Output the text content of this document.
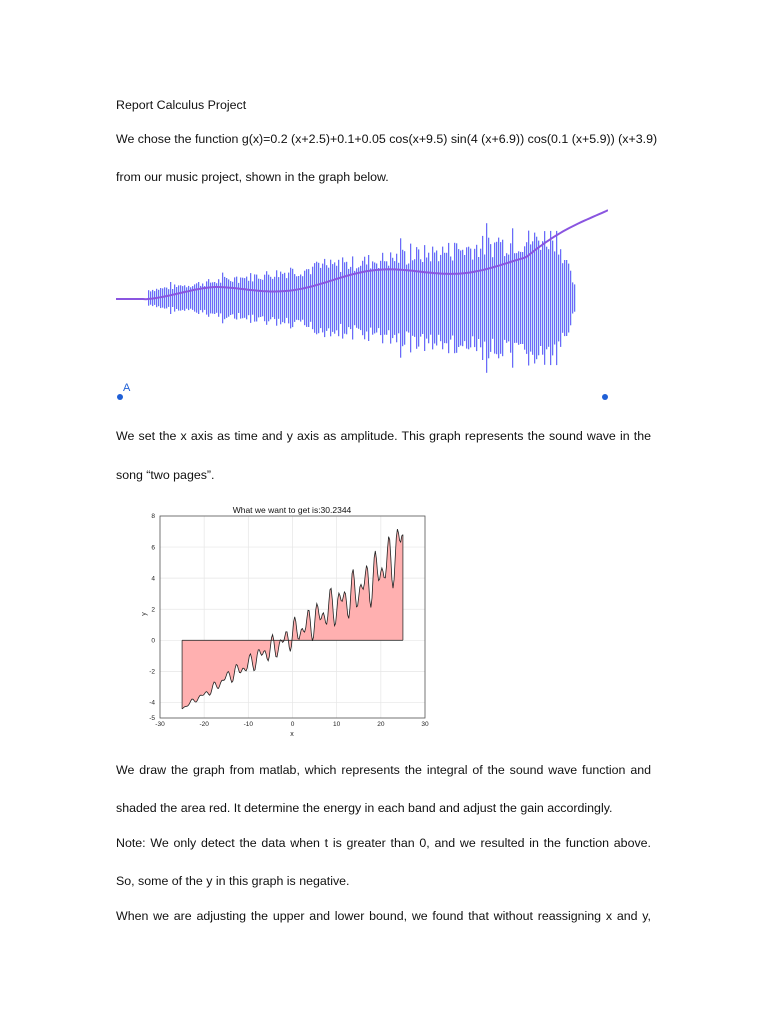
Report Calculus Project

We chose the function g(x)=0.2 (x+2.5)+0.1+0.05 cos(x+9.5) sin(4 (x+6.9)) cos(0.1 (x+5.9)) (x+3.9)

from our music project, shown in the graph below.

A

We set the x axis as time and y axis as amplitude. This graph represents the sound wave in the

song “two pages”.

What we want to get is:30.2344
-30	-20	-10	0	10	20	30
-5
-4
-2
0
2
4
6
8
x
y

We draw the graph from matlab, which represents the integral of the sound wave function and

shaded the area red. It determine the energy in each band and adjust the gain accordingly.

Note: We only detect the data when t is greater than 0, and we resulted in the function above.

So, some of the y in this graph is negative.

When we are adjusting the upper and lower bound, we found that without reassigning x and y,
